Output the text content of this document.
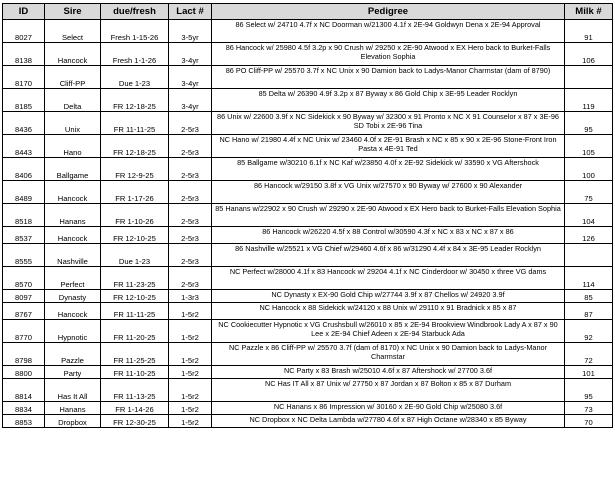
ID	Sire	due/fresh	Lact #	Pedigree	Milk #
8027	Select	Fresh 1-15-26	3-5yr	86 Select w/ 24710 4.7f x NC Doorman w/21300 4.1f x 2E-94 Goldwyn Dena x 2E-94 Approval	91
8138	Hancock	Fresh 1-1-26	3-4yr	86 Hancock w/ 25980 4.5f 3.2p x 90 Crush w/ 29250 x 2E-90 Atwood x EX Hero back to Burket-Falls Elevation Sophia	106
8170	Cliff-PP	Due 1-23	3-4yr	86 PO Cliff-PP w/ 25570 3.7f x NC Unix x 90 Damion back to Ladys-Manor Charmstar (dam of 8790)	
8185	Delta	FR 12-18-25	3-4yr	85 Delta w/ 26390 4.9f 3.2p x 87 Byway x 86 Gold Chip x 3E-95 Leader Rocklyn	119
8436	Unix	FR 11-11-25	2-5r3	86 Unix w/ 22600 3.9f x NC Sidekick x 90 Byway w/ 32300 x 91 Pronto x NC X 91 Counselor x 87 x 3E-96 SD Tobi x 2E-96 Tina	95
8443	Hano	FR 12-18-25	2-5r3	NC Hano w/ 21980 4.4f x NC Unix w/ 23460 4.0f x 2E-91 Brash x NC x 85 x 90 x 2E-96 Stone-Front Iron Pasta x 4E-91 Ted	105
8406	Ballgame	FR 12-9-25	2-5r3	85 Ballgame w/30210 6.1f x NC Kaf w/23850 4.0f x 2E-92 Sidekick w/ 33590 x VG Aftershock	100
8489	Hancock	FR 1-17-26	2-5r3	86 Hancock w/29150 3.8f x VG Unix w/27570 x 90 Byway w/ 27600 x 90 Alexander	75
8518	Hanans	FR 1-10-26	2-5r3	85 Hanans w/22902 x 90 Crush w/ 29290 x 2E-90 Atwood x EX Hero back to Burket-Falls Elevation Sophia	104
8537	Hancock	FR 12-10-25	2-5r3	86 Hancock w/26220 4.5f x 88 Control w/30590 4.3f x NC x 83 x NC x 87 x 86	126
8555	Nashville	Due 1-23	2-5r3	86 Nashville w/25521 x VG Chief w/29460 4.6f x 86 w/31290 4.4f x 84 x 3E-95 Leader Rocklyn	
8570	Perfect	FR 11-23-25	2-5r3	NC Perfect w/28000 4.1f x 83 Hancock w/ 29204 4.1f x NC Cinderdoor w/ 30450 x three VG dams	114
8097	Dynasty	FR 12-10-25	1-3r3	NC Dynasty x EX-90 Gold Chip w/27744 3.9f x 87 Chellos w/ 24920 3.9f	85
8767	Hancock	FR 11-11-25	1-5r2	NC Hancock x 88 Sidekick w/24120 x 88 Unix w/ 29110 x 91 Bradnick x 85 x 87	87
8770	Hypnotic	FR 11-20-25	1-5r2	NC Cookiecutter Hypnotic x VG Crushsbull w/26010 x 85 x 2E-94 Brookview Windbrook Lady A x 87 x 90 Lee x 2E-94 Chief Adeen x 2E-94 Starbuck Ada	92
8798	Pazzle	FR 11-25-25	1-5r2	NC Pazzle x 86 Cliff-PP w/ 25570 3.7f (dam of 8170) x NC Unix x 90 Damion back to Ladys-Manor Charmstar	72
8800	Party	FR 11-10-25	1-5r2	NC Party x 83 Brash w/25010 4.6f x 87 Aftershock w/ 27700 3.6f	101
8814	Has It All	FR 11-13-25	1-5r2	NC Has IT All x 87 Unix w/ 27750 x 87 Jordan x 87 Bolton x 85 x 87 Durham	95
8834	Hanans	FR 1-14-26	1-5r2	NC Hanans x 86 Impression w/ 30160 x 2E-90 Gold Chip w/25080 3.6f	73
8853	Dropbox	FR 12-30-25	1-5r2	NC Dropbox x NC Delta Lambda w/27780 4.6f x 87 High Octane w/28340 x 85 Byway	70
